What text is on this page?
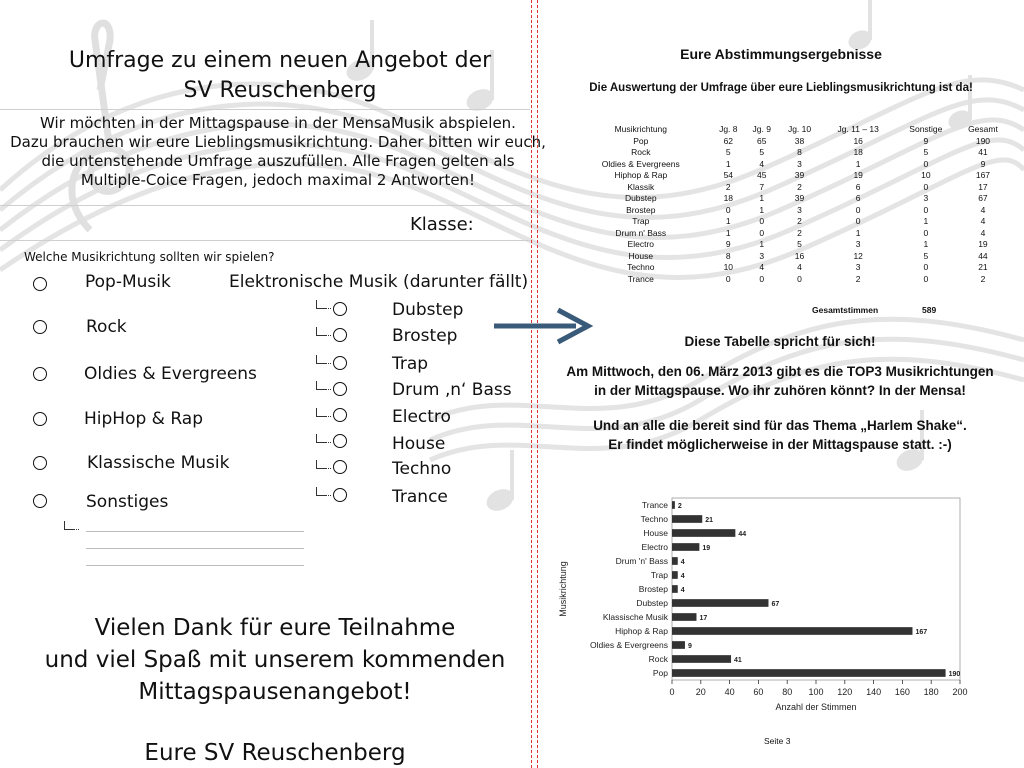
Umfrage zu einem neuen Angebot der
SV Reuschenberg
Wir möchten in der Mittagspause in der MensaMusik abspielen.
Dazu brauchen wir eure Lieblingsmusikrichtung. Daher bitten wir euch,
die untenstehende Umfrage auszufüllen. Alle Fragen gelten als
Multiple-Coice Fragen, jedoch maximal 2 Antworten!
Klasse:
Welche Musikrichtung sollten wir spielen?
Pop-Musik
Rock
Oldies & Evergreens
HipHop & Rap
Klassische Musik
Sonstiges
Elektronische Musik (darunter fällt)
Dubstep
Brostep
Trap
Drum ‚n‘ Bass
Electro
House
Techno
Trance
Vielen Dank für eure Teilnahme
und viel Spaß mit unserem kommenden
Mittagspausenangebot!
Eure SV Reuschenberg
Eure Abstimmungsergebnisse
Die Auswertung der Umfrage über eure Lieblingsmusikrichtung ist da!
Musikrichtung	Jg. 8	Jg. 9	Jg. 10	Jg. 11 – 13	Sonstige	Gesamt
Pop	62	65	38	16	9	190
Rock	5	5	8	18	5	41
Oldies & Evergreens	1	4	3	1	0	9
Hiphop & Rap	54	45	39	19	10	167
Klassik	2	7	2	6	0	17
Dubstep	18	1	39	6	3	67
Brostep	0	1	3	0	0	4
Trap	1	0	2	0	1	4
Drum n' Bass	1	0	2	1	0	4
Electro	9	1	5	3	1	19
House	8	3	16	12	5	44
Techno	10	4	4	3	0	21
Trance	0	0	0	2	0	2
Gesamtstimmen	589
Diese Tabelle spricht für sich!
Am Mittwoch, den 06. März 2013 gibt es die TOP3 Musikrichtungen
in der Mittagspause. Wo ihr zuhören könnt? In der Mensa!
Und an alle die bereit sind für das Thema „Harlem Shake“.
Er findet möglicherweise in der Mittagspause statt. :-)
0 20 40 60 80 100 120 140 160 180 200
Trance 2
Techno	21
House	44
Electro	19
Drum 'n' Bass 4
Trap 4
Brostep 4
Dubstep	67
Klassische Musik	17
Hiphop & Rap	167
Oldies & Evergreens	9
Rock	41
Pop	190
Anzahl der Stimmen
Musikrichtung
Seite 3
